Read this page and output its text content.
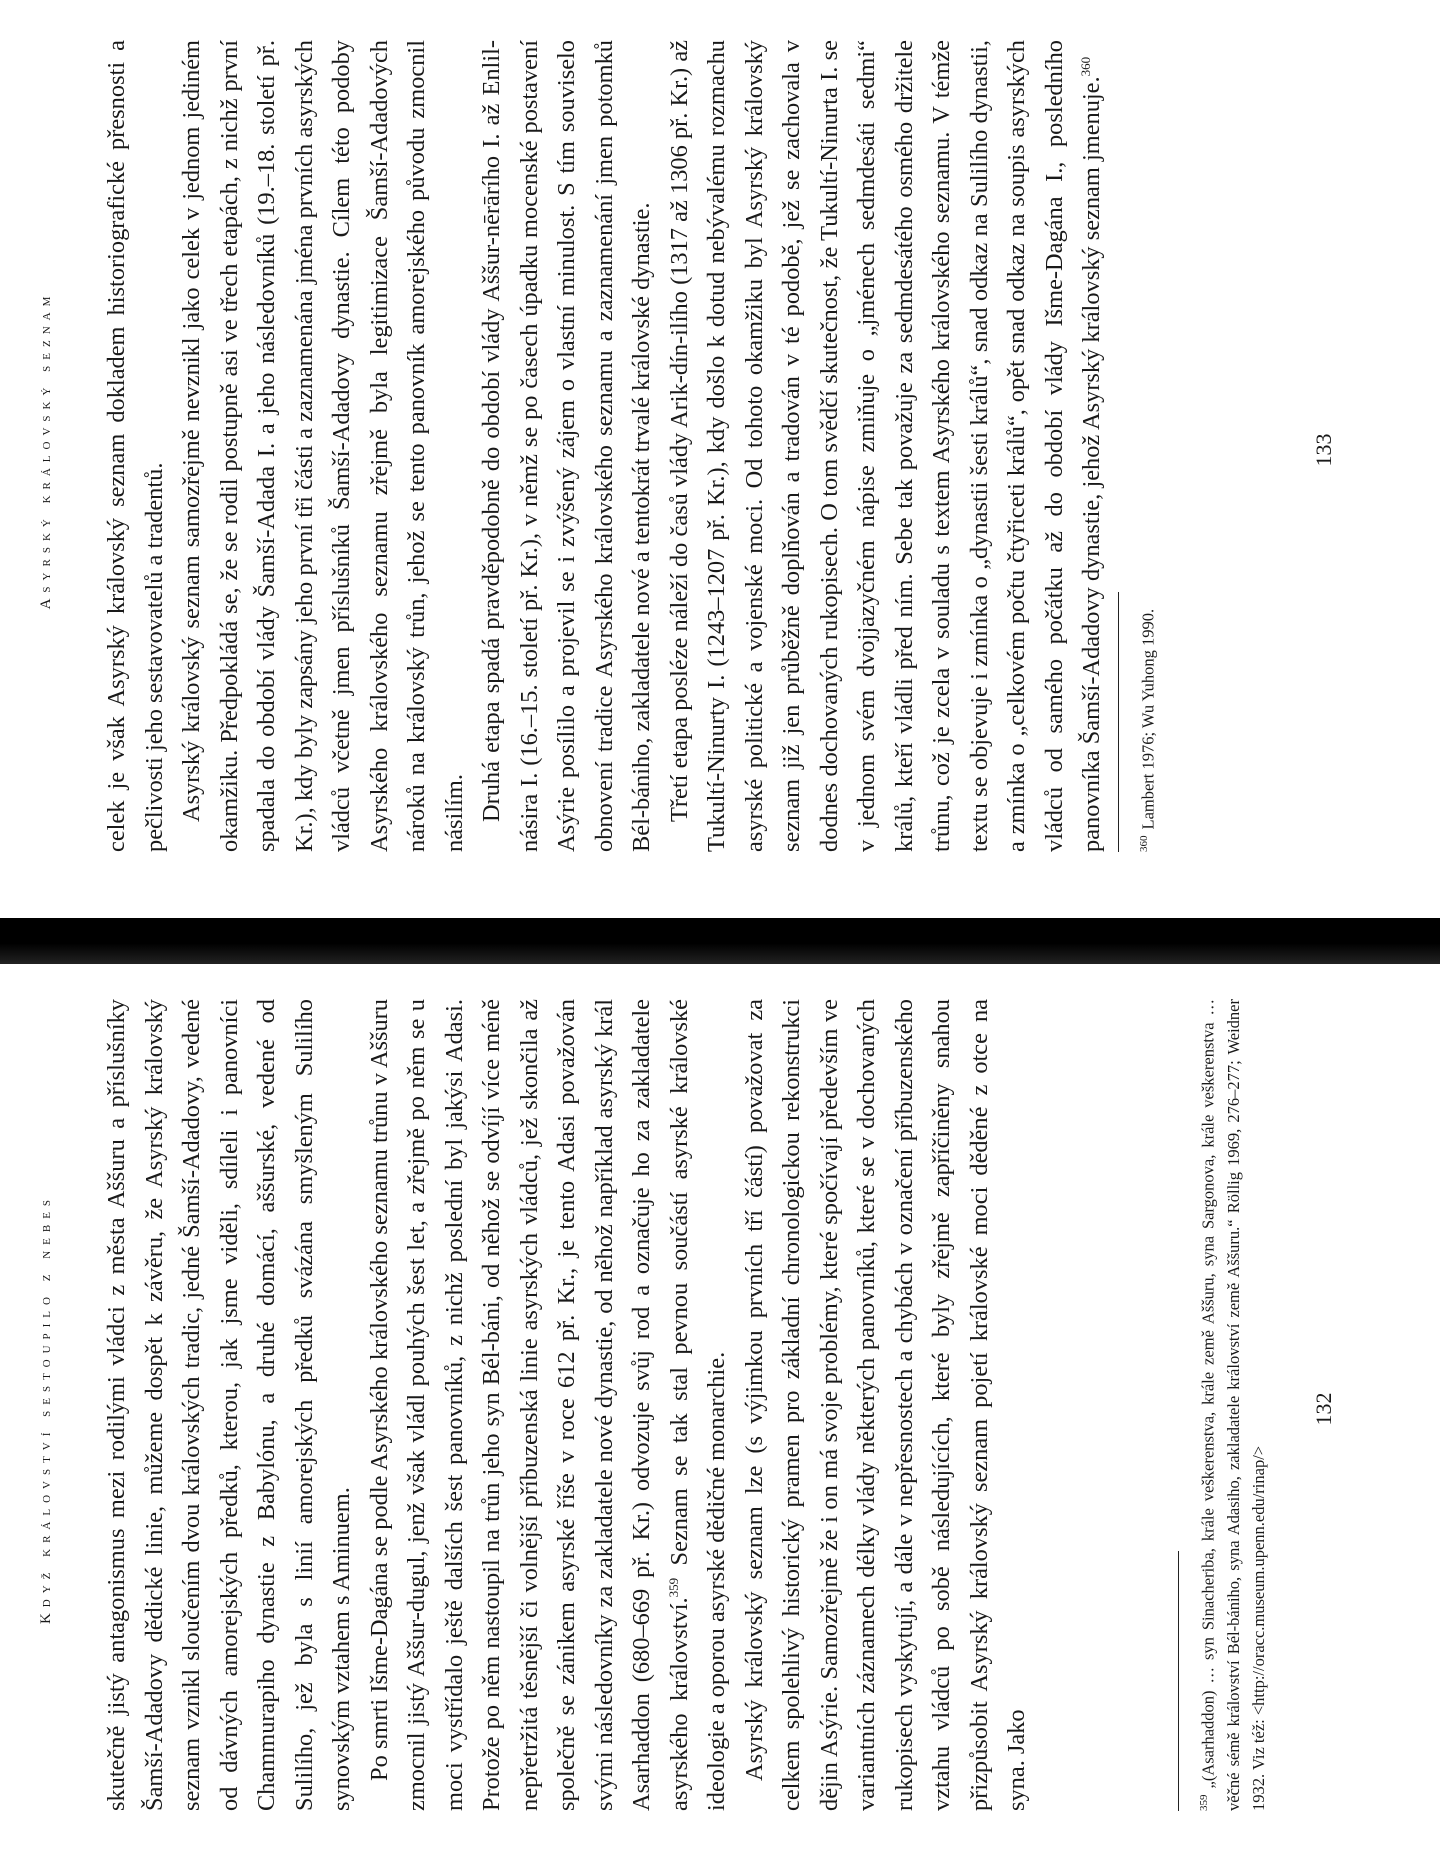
Asyrský královský seznam celek je však Asyrský královský seznam dokladem historiografické přesnosti a pečlivosti jeho sestavovatelů a tradentů. Asyrský královský seznam samozřejmě nevznikl jako celek v jednom jediném okamžiku. Předpokládá se, že se rodil postupně asi ve třech etapách, z nichž první spadala do období vlády Šamší-Adada I. a jeho následovníků (19.–18. století př. Kr.), kdy byly zapsány jeho první tři části a zaznamenána jména prvních asyrských vládců včetně jmen příslušníků Šamší-Adadovy dynastie. Cílem této podoby Asyrského královského seznamu zřejmě byla legitimizace Šamší-Adadových nároků na královský trůn, jehož se tento panovník amorejského původu zmocnil násilím. Druhá etapa spadá pravděpodobně do období vlády Aššur-nērārího I. až Enlil-násira I. (16.–15. století př. Kr.), v němž se po časech úpadku mocenské postavení Asýrie posílilo a projevil se i zvýšený zájem o vlastní minulost. S tím souviselo obnovení tradice Asyrského královského seznamu a zaznamenání jmen potomků Bél-bániho, zakladatele nové a tentokrát trvalé královské dynastie. Třetí etapa posléze náleží do časů vlády Arik-dín-ilího (1317 až 1306 př. Kr.) až Tukultí-Ninurty I. (1243–1207 př. Kr.), kdy došlo k dotud nebývalému rozmachu asyrské politické a vojenské moci. Od tohoto okamžiku byl Asyrský královský seznam již jen průběžně doplňován a tradován v té podobě, jež se zachovala v dodnes dochovaných rukopisech. O tom svědčí skutečnost, že Tukultí-Ninurta I. se v jednom svém dvojjazyčném nápise zmiňuje o „jménech sedmdesáti sedmi“ králů, kteří vládli před ním. Sebe tak považuje za sedmdesátého osmého držitele trůnu, což je zcela v souladu s textem Asyrského královského seznamu. V témže textu se objevuje i zmínka o „dynastii šesti králů“, snad odkaz na Sulilího dynastii, a zmínka o „celkovém počtu čtyřiceti králů“, opět snad odkaz na soupis asyrských vládců od samého počátku až do období vlády Išme-Dagána I., posledního panovníka Šamší-Adadovy dynastie, jehož Asyrský královský seznam jmenuje.$^{360}$

$^{360}$Lambert 1976; Wu Yuhong 1990.

133
Když království sestoupilo z nebes skutečně jistý antagonismus mezi rodilými vládci z města Aššuru a příslušníky Šamší-Adadovy dědické linie, můžeme dospět k závěru, že Asyrský královský seznam vznikl sloučením dvou královských tradic, jedné Šamší-Adadovy, vedené od dávných amorejských předků, kterou, jak jsme viděli, sdíleli i panovníci Chammurapiho dynastie z Babylónu, a druhé domácí, aššurské, vedené od Sulilího, jež byla s linií amorejských předků svázána smyšleným Sulilího synovským vztahem s Aminuem. Po smrti Išme-Dagána se podle Asyrského královského seznamu trůnu v Aššuru zmocnil jistý Aššur-dugul, jenž však vládl pouhých šest let, a zřejmě po něm se u moci vystřídalo ještě dalších šest panovníků, z nichž poslední byl jakýsi Adasi. Protože po něm nastoupil na trůn jeho syn Bél-báni, od něhož se odvíjí více méně nepřetržitá těsnější či volnější příbuzenská linie asyrských vládců, jež skončila až společně se zánikem asyrské říše v roce 612 př. Kr., je tento Adasi považován svými následovníky za zakladatele nové dynastie, od něhož například asyrský král Asarhaddon (680–669 př. Kr.) odvozuje svůj rod a označuje ho za zakladatele asyrského království.$^{359}$ Seznam se tak stal pevnou součástí asyrské královské ideologie a oporou asyrské dědičné monarchie. Asyrský královský seznam lze (s výjimkou prvních tří částí) považovat za celkem spolehlivý historický pramen pro základní chronologickou rekonstrukci dějin Asýrie. Samozřejmě že i on má svoje problémy, které spočívají především ve variantních záznamech délky vlády některých panovníků, které se v dochovaných rukopisech vyskytují, a dále v nepřesnostech a chybách v označení příbuzenského vztahu vládců po sobě následujících, které byly zřejmě zapříčiněny snahou přizpůsobit Asyrský královský seznam pojetí královské moci děděné z otce na syna. Jako	$^{359}$„(Asarhaddon) … syn Sinacheriba, krále veškerenstva, krále země Aššuru, syna Sargonova, krále veškerenstva … věčné sémě království Bél-bániho, syna Adasiho, zakladatele království země Aššuru.“ Röllig 1969, 276–277; Weidner 1932. Viz též: <http://oracc.museum.upenn.edu/rinap/>

132
